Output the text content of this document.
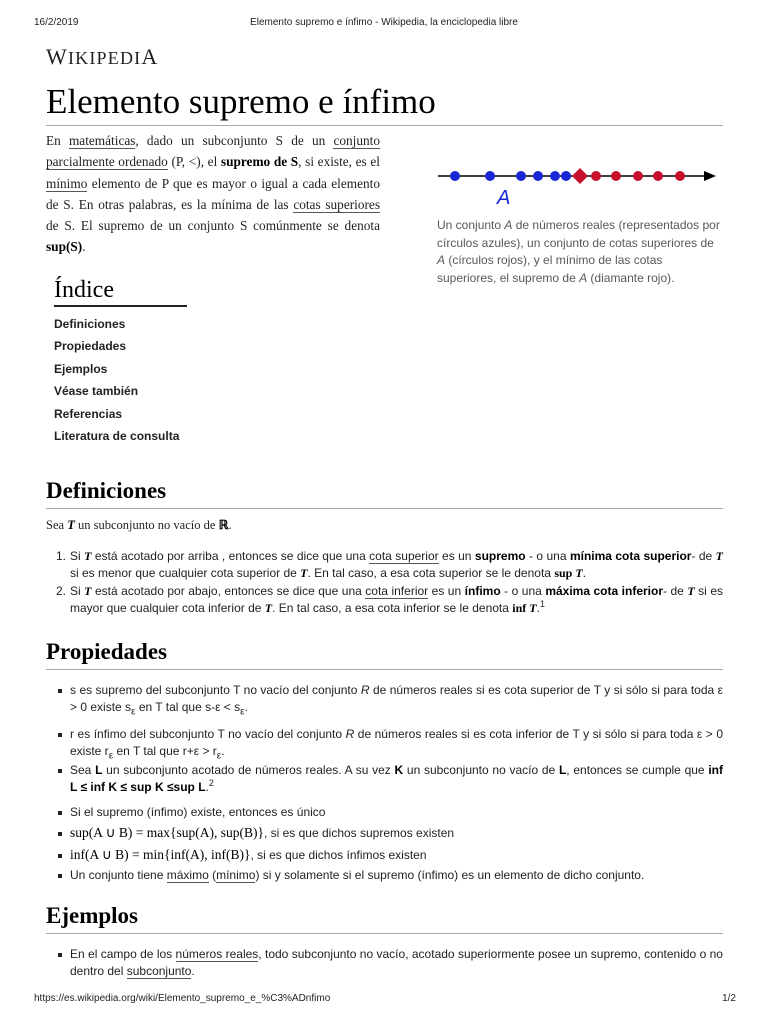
16/2/2019	Elemento supremo e ínfimo - Wikipedia, la enciclopedia libre
WIKIPEDIA
Elemento supremo e ínfimo
En matemáticas, dado un subconjunto S de un conjunto parcialmente ordenado (P, <), el supremo de S, si existe, es el mínimo elemento de P que es mayor o igual a cada elemento de S. En otras palabras, es la mínima de las cotas superiores de S. El supremo de un conjunto S comúnmente se denota sup(S).
A
Un conjunto A de números reales (representados por círculos azules), un conjunto de cotas superiores de A (círculos rojos), y el mínimo de las cotas superiores, el supremo de A (diamante rojo).
Índice
Definiciones
Propiedades
Ejemplos
Véase también
Referencias
Literatura de consulta
Definiciones
Sea T un subconjunto no vacío de ℝ.
1. Si T está acotado por arriba , entonces se dice que una cota superior es un supremo - o una mínima cota superior- de T si es menor que cualquier cota superior de T. En tal caso, a esa cota superior se le denota sup T.
2. Si T está acotado por abajo, entonces se dice que una cota inferior es un ínfimo - o una máxima cota inferior- de T si es mayor que cualquier cota inferior de T. En tal caso, a esa cota inferior se le denota inf T.$^1$
Propiedades
s es supremo del subconjunto T no vacío del conjunto R de números reales si es cota superior de T y si sólo si para toda ε > 0 existe $s_\varepsilon$ en T tal que $s-\varepsilon < s_\varepsilon$.
r es ínfimo del subconjunto T no vacío del conjunto R de números reales si es cota inferior de T y si sólo si para toda ε > 0 existe $r_\varepsilon$ en T tal que $r+\varepsilon > r_\varepsilon$.
Sea L un subconjunto acotado de números reales. A su vez K un subconjunto no vacío de L, entonces se cumple que inf L ≤ inf K ≤ sup K ≤sup L.$^2$
Si el supremo (ínfimo) existe, entonces es único
sup(A ∪ B) = max{sup(A), sup(B)}, si es que dichos supremos existen
inf(A ∪ B) = min{inf(A), inf(B)}, si es que dichos ínfimos existen
Un conjunto tiene máximo (mínimo) si y solamente si el supremo (ínfimo) es un elemento de dicho conjunto.
Ejemplos
En el campo de los números reales, todo subconjunto no vacío, acotado superiormente posee un supremo, contenido o no dentro del subconjunto.
https://es.wikipedia.org/wiki/Elemento_supremo_e_%C3%ADnfimo	1/2
